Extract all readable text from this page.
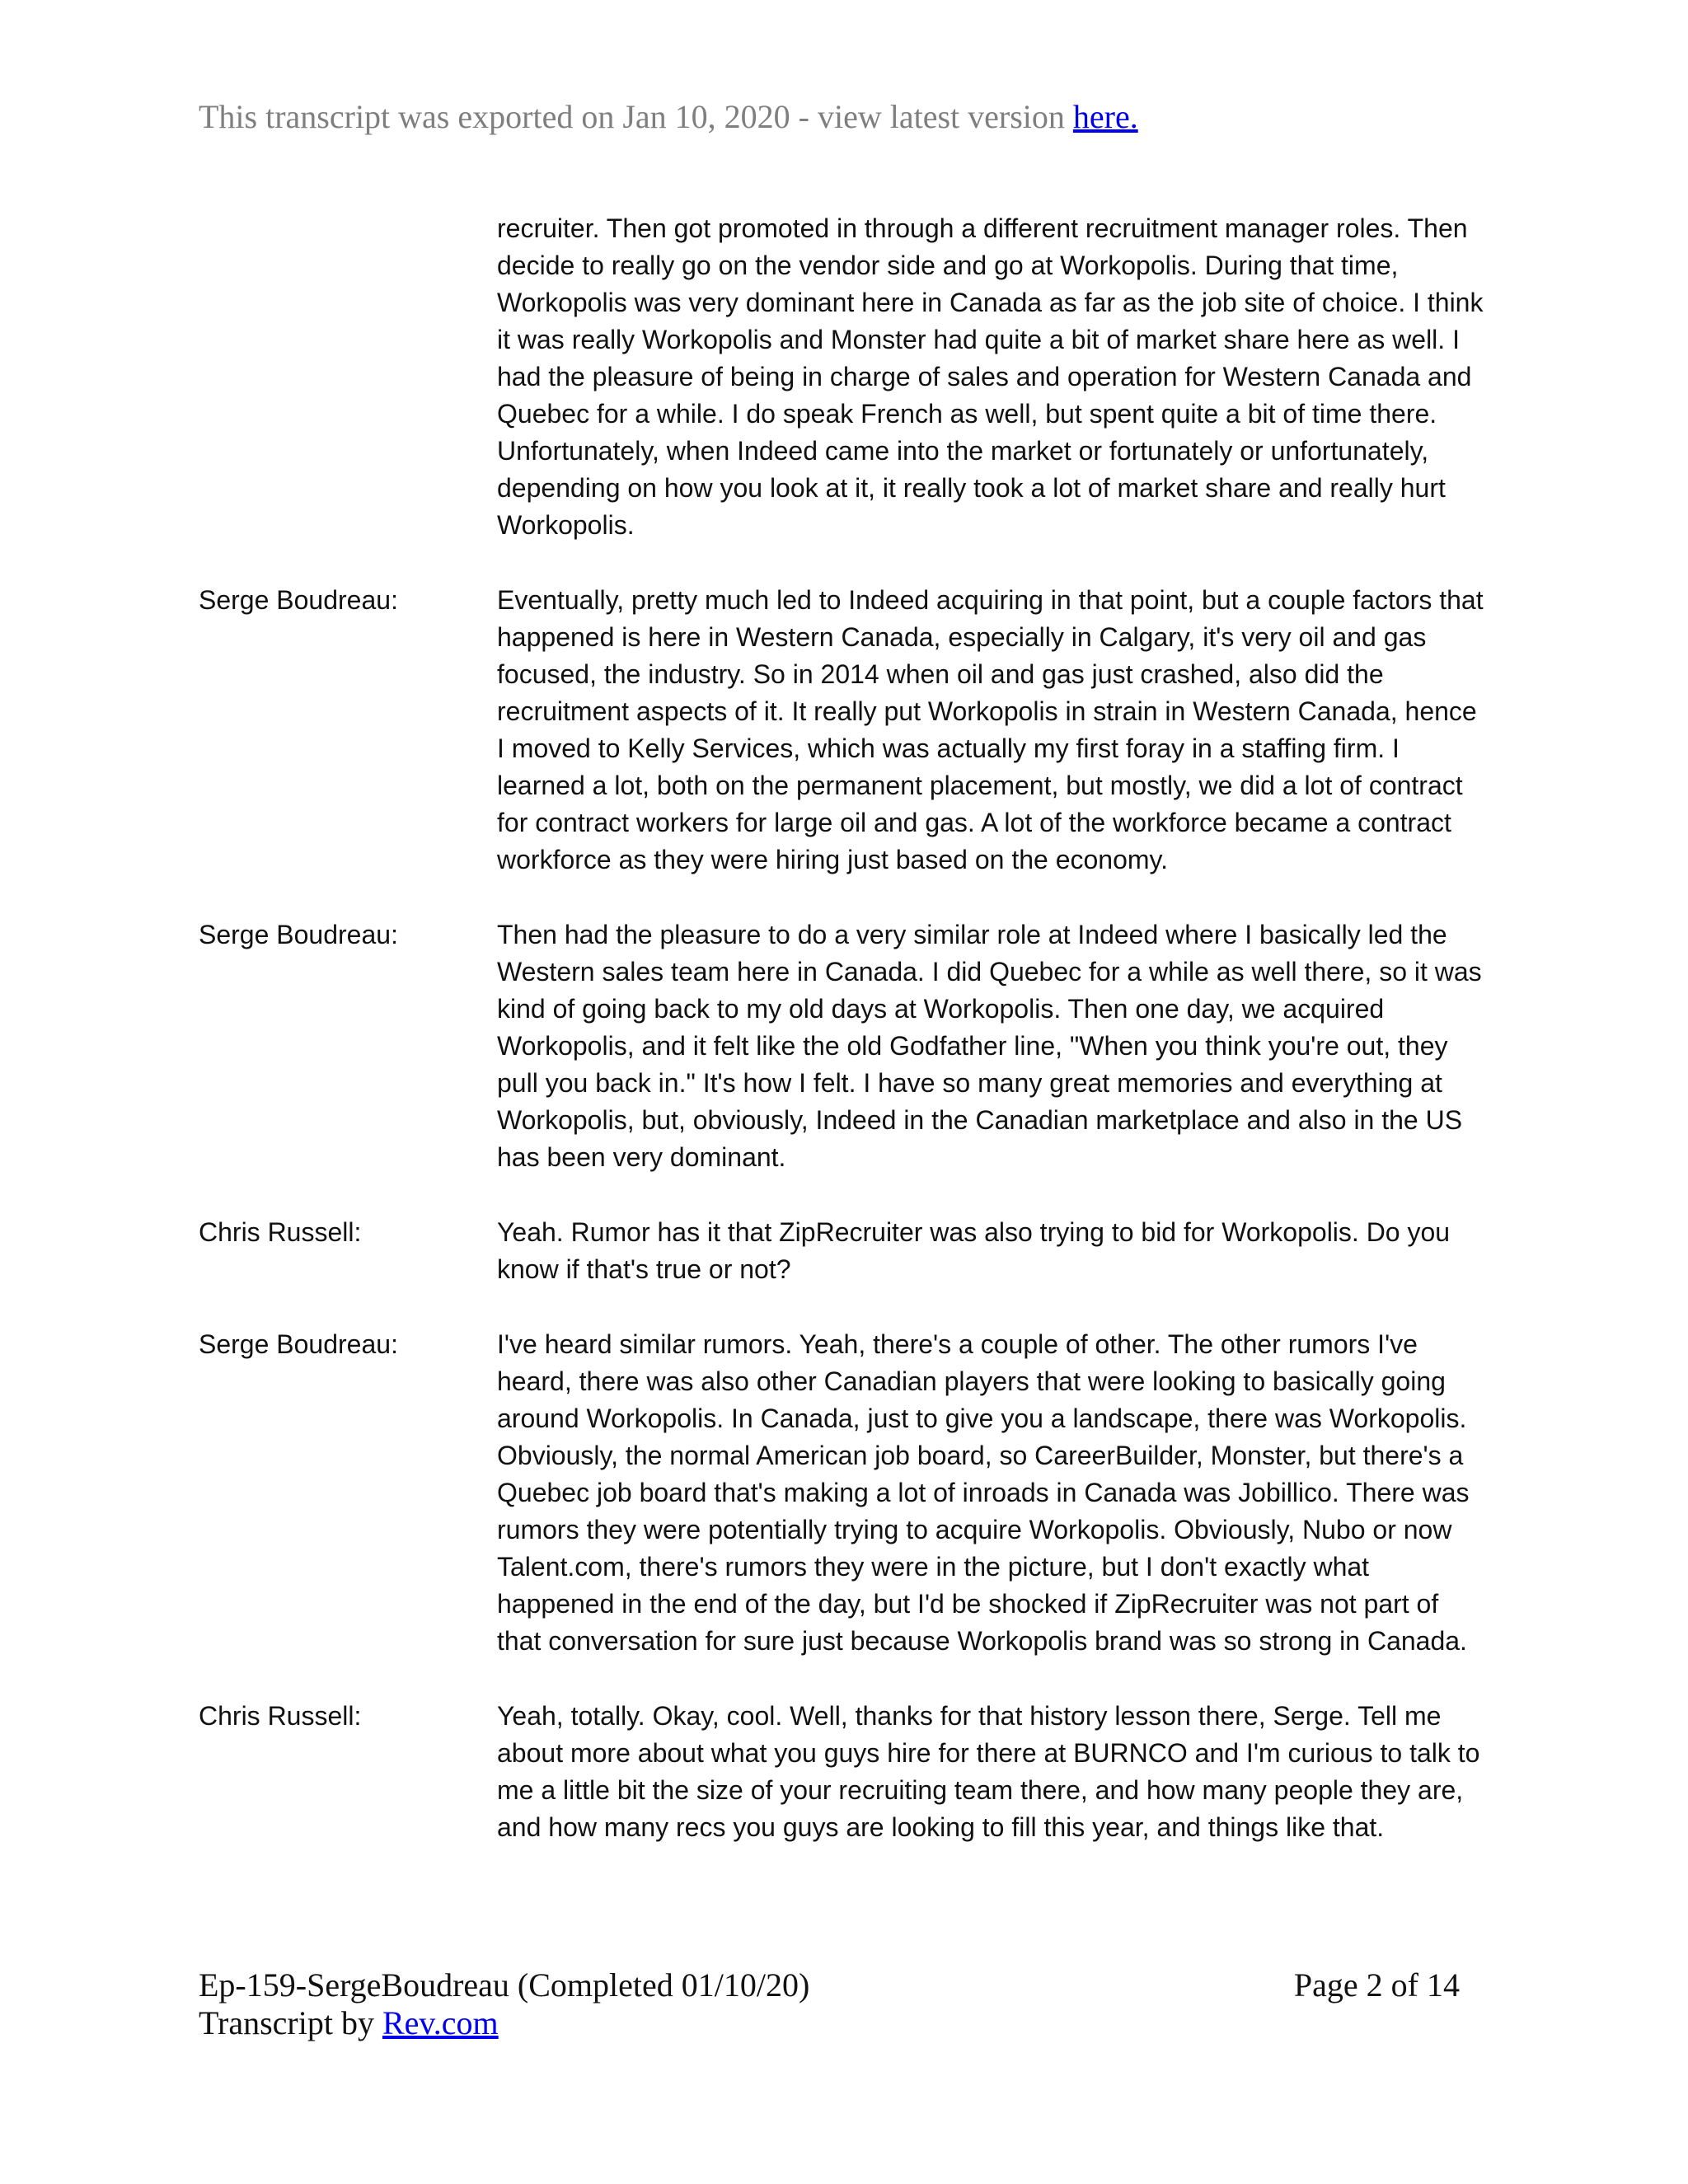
This transcript was exported on Jan 10, 2020 - view latest version here.
recruiter. Then got promoted in through a different recruitment manager roles. Then decide to really go on the vendor side and go at Workopolis. During that time, Workopolis was very dominant here in Canada as far as the job site of choice. I think it was really Workopolis and Monster had quite a bit of market share here as well. I had the pleasure of being in charge of sales and operation for Western Canada and Quebec for a while. I do speak French as well, but spent quite a bit of time there. Unfortunately, when Indeed came into the market or fortunately or unfortunately, depending on how you look at it, it really took a lot of market share and really hurt Workopolis.
Serge Boudreau:	Eventually, pretty much led to Indeed acquiring in that point, but a couple factors that happened is here in Western Canada, especially in Calgary, it's very oil and gas focused, the industry. So in 2014 when oil and gas just crashed, also did the recruitment aspects of it. It really put Workopolis in strain in Western Canada, hence I moved to Kelly Services, which was actually my first foray in a staffing firm. I learned a lot, both on the permanent placement, but mostly, we did a lot of contract for contract workers for large oil and gas. A lot of the workforce became a contract workforce as they were hiring just based on the economy.
Serge Boudreau:	Then had the pleasure to do a very similar role at Indeed where I basically led the Western sales team here in Canada. I did Quebec for a while as well there, so it was kind of going back to my old days at Workopolis. Then one day, we acquired Workopolis, and it felt like the old Godfather line, "When you think you're out, they pull you back in." It's how I felt. I have so many great memories and everything at Workopolis, but, obviously, Indeed in the Canadian marketplace and also in the US has been very dominant.
Chris Russell:	Yeah. Rumor has it that ZipRecruiter was also trying to bid for Workopolis. Do you know if that's true or not?
Serge Boudreau:	I've heard similar rumors. Yeah, there's a couple of other. The other rumors I've heard, there was also other Canadian players that were looking to basically going around Workopolis. In Canada, just to give you a landscape, there was Workopolis. Obviously, the normal American job board, so CareerBuilder, Monster, but there's a Quebec job board that's making a lot of inroads in Canada was Jobillico. There was rumors they were potentially trying to acquire Workopolis. Obviously, Nubo or now Talent.com, there's rumors they were in the picture, but I don't exactly what happened in the end of the day, but I'd be shocked if ZipRecruiter was not part of that conversation for sure just because Workopolis brand was so strong in Canada.
Chris Russell:	Yeah, totally. Okay, cool. Well, thanks for that history lesson there, Serge. Tell me about more about what you guys hire for there at BURNCO and I'm curious to talk to me a little bit the size of your recruiting team there, and how many people they are, and how many recs you guys are looking to fill this year, and things like that.
Ep-159-SergeBoudreau (Completed 01/10/20)	Page 2 of 14
Transcript by Rev.com
